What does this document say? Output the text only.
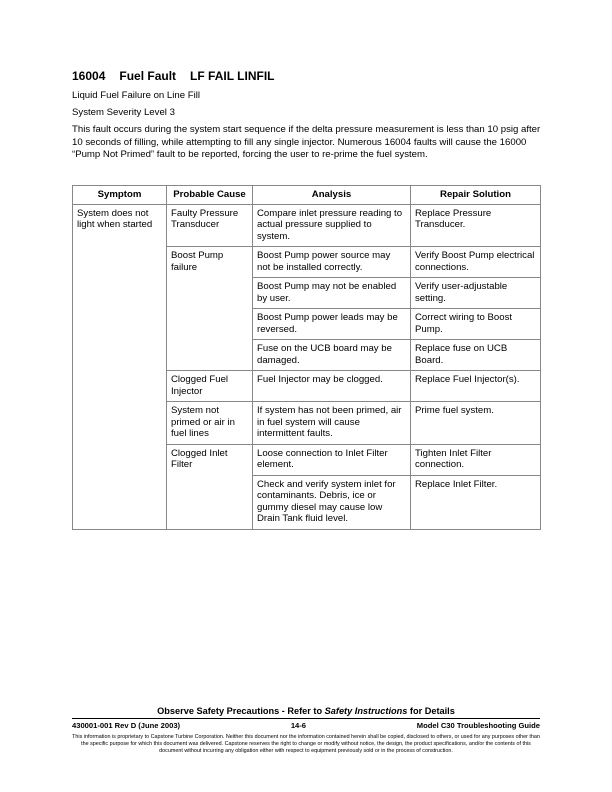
16004 Fuel Fault LF FAIL LINFIL

Liquid Fuel Failure on Line Fill

System Severity Level 3

This fault occurs during the system start sequence if the delta pressure measurement is less than 10 psig after 10 seconds of filling, while attempting to fill any single injector. Numerous 16004 faults will cause the 16000 “Pump Not Primed” fault to be reported, forcing the user to re-prime the fuel system.

Symptom	Probable Cause	Analysis	Repair Solution
System does not light when started	Faulty Pressure Transducer	Compare inlet pressure reading to actual pressure supplied to system.	Replace Pressure Transducer.
	Boost Pump failure	Boost Pump power source may not be installed correctly.	Verify Boost Pump electrical connections.
		Boost Pump may not be enabled by user.	Verify user-adjustable setting.
		Boost Pump power leads may be reversed.	Correct wiring to Boost Pump.
		Fuse on the UCB board may be damaged.	Replace fuse on UCB Board.
	Clogged Fuel Injector	Fuel Injector may be clogged.	Replace Fuel Injector(s).
	System not primed or air in fuel lines	If system has not been primed, air in fuel system will cause intermittent faults.	Prime fuel system.
	Clogged Inlet Filter	Loose connection to Inlet Filter element.	Tighten Inlet Filter connection.
		Check and verify system inlet for contaminants. Debris, ice or gummy diesel may cause low Drain Tank fluid level.	Replace Inlet Filter.
Observe Safety Precautions - Refer to Safety Instructions for Details
430001-001 Rev D (June 2003)	14-6	Model C30 Troubleshooting Guide
This information is proprietary to Capstone Turbine Corporation. Neither this document nor the information contained herein shall be copied, disclosed to others, or used for any purposes other than the specific purpose for which this document was delivered. Capstone reserves the right to change or modify without notice, the design, the product specifications, and/or the contents of this document without incurring any obligation either with respect to equipment previously sold or in the process of construction.
